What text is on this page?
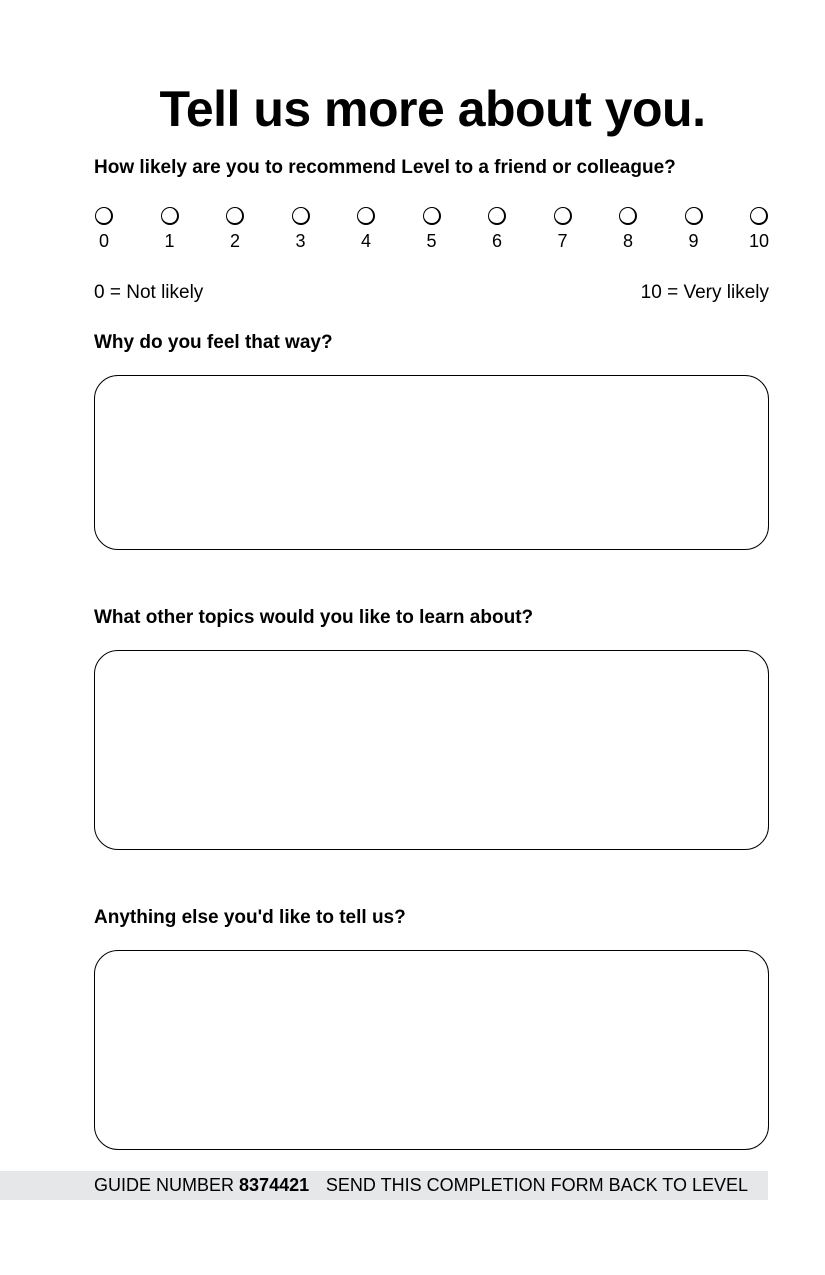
Tell us more about you.
How likely are you to recommend Level to a friend or colleague?
0	1	2	3	4	5	6	7	8	9	10
0 = Not likely	10 = Very likely
Why do you feel that way?
What other topics would you like to learn about?
Anything else you'd like to tell us?
GUIDE NUMBER 8374421 SEND THIS COMPLETION FORM BACK TO LEVEL
